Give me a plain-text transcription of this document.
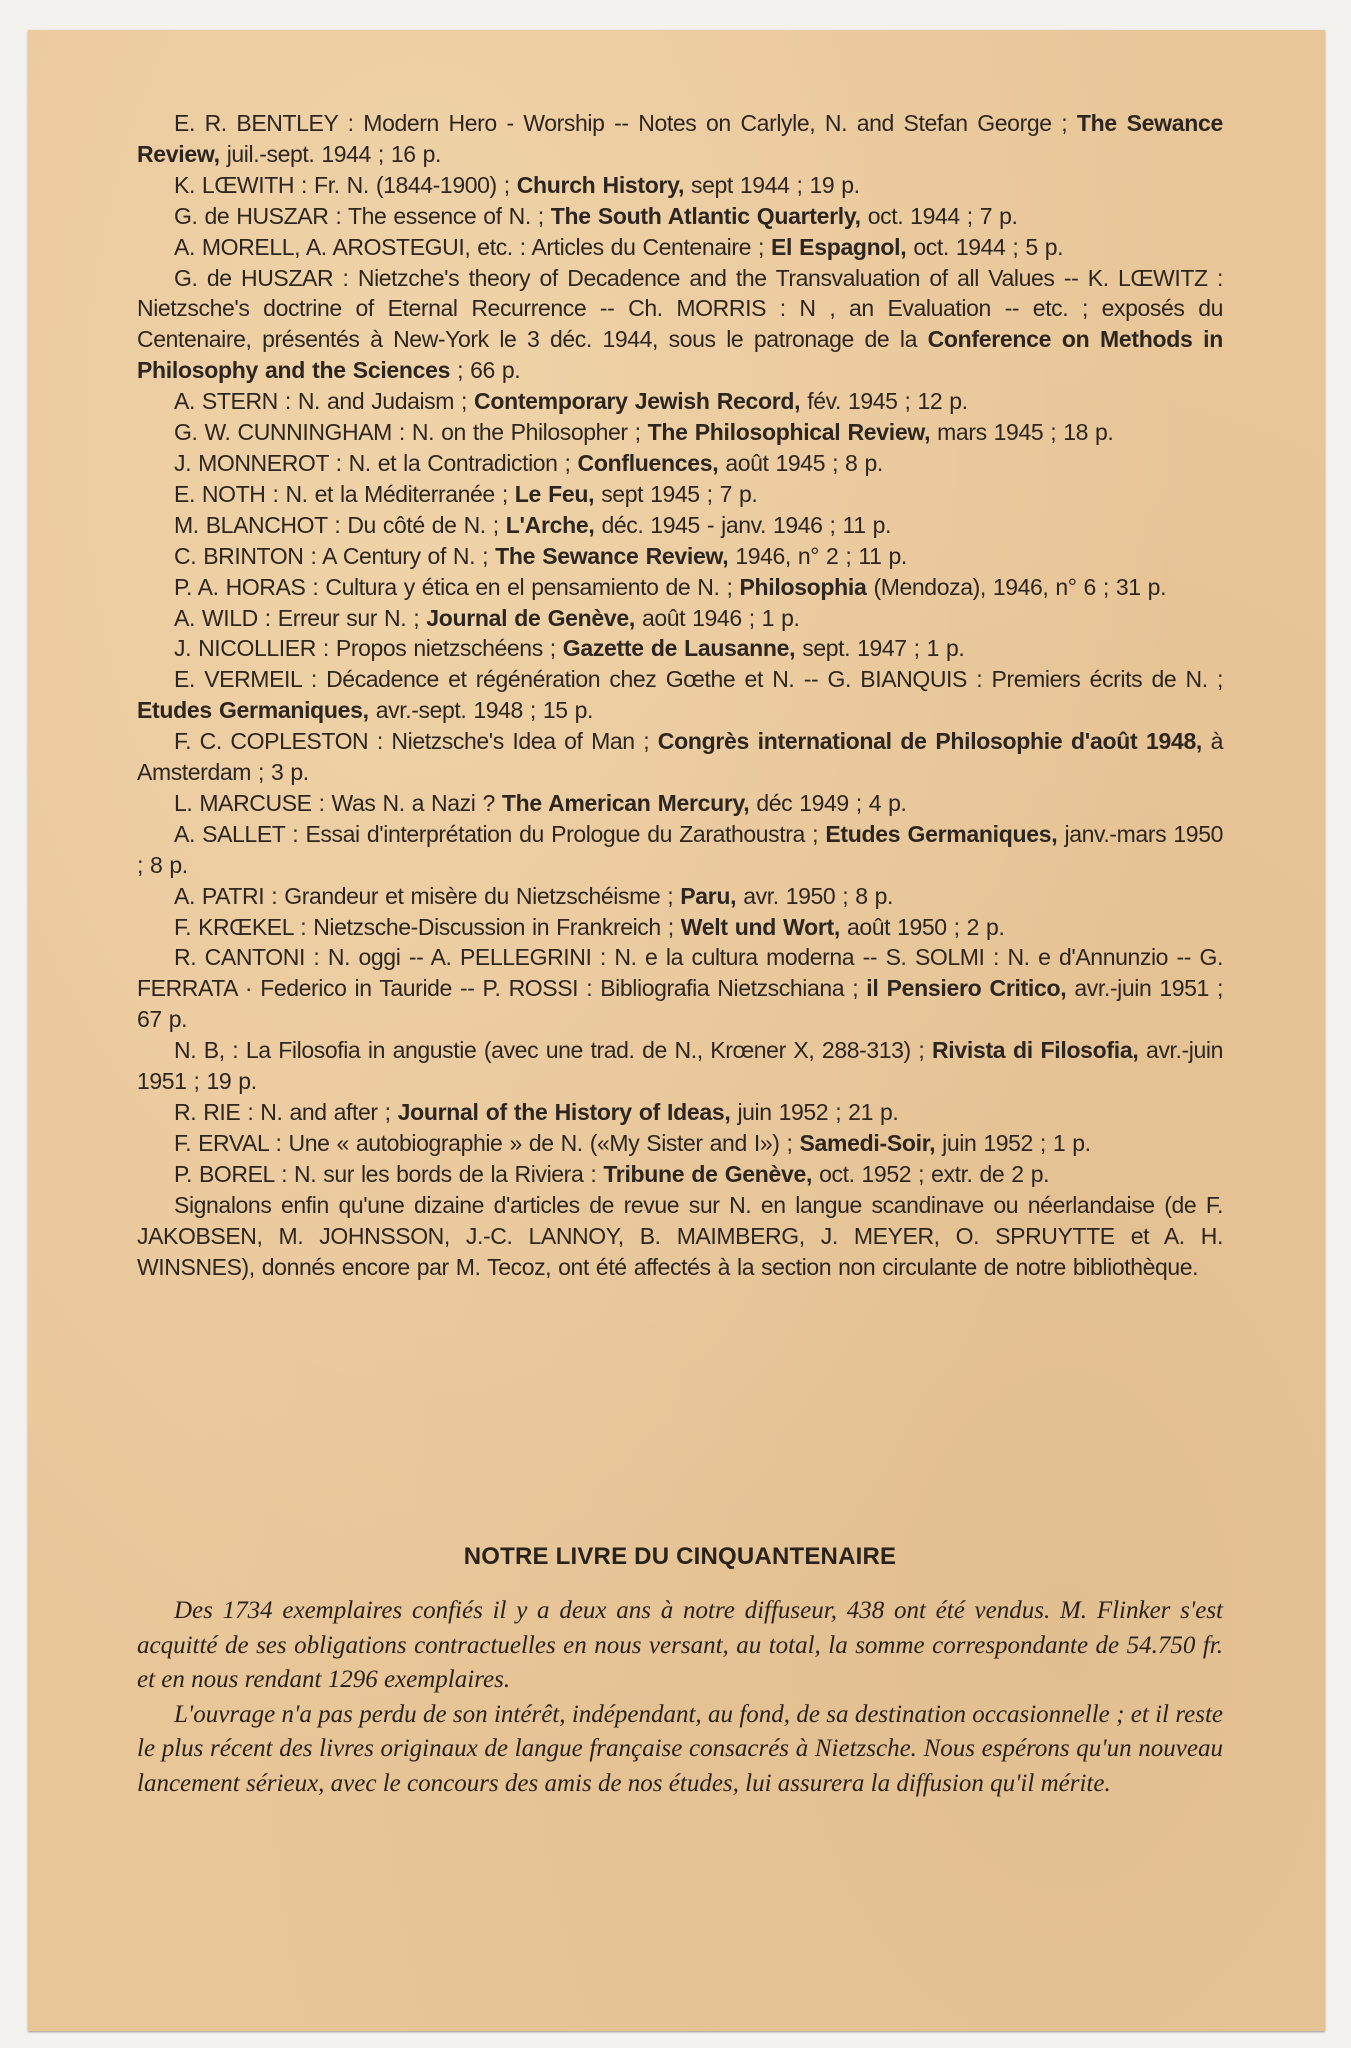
E. R. BENTLEY : Modern Hero - Worship -- Notes on Carlyle, N. and Stefan George ; The Sewance Review, juil.-sept. 1944 ; 16 p.

K. LŒWITH : Fr. N. (1844-1900) ; Church History, sept 1944 ; 19 p.

G. de HUSZAR : The essence of N. ; The South Atlantic Quarterly, oct. 1944 ; 7 p.

A. MORELL, A. AROSTEGUI, etc. : Articles du Centenaire ; El Espagnol, oct. 1944 ; 5 p.

G. de HUSZAR : Nietzche's theory of Decadence and the Transvaluation of all Values -- K. LŒWITZ : Nietzsche's doctrine of Eternal Recurrence -- Ch. MORRIS : N , an Evaluation -- etc. ; exposés du Centenaire, présentés à New-York le 3 déc. 1944, sous le patronage de la Conference on Methods in Philosophy and the Sciences ; 66 p.

A. STERN : N. and Judaism ; Contemporary Jewish Record, fév. 1945 ; 12 p.

G. W. CUNNINGHAM : N. on the Philosopher ; The Philosophical Review, mars 1945 ; 18 p.

J. MONNEROT : N. et la Contradiction ; Confluences, août 1945 ; 8 p.

E. NOTH : N. et la Méditerranée ; Le Feu, sept 1945 ; 7 p.

M. BLANCHOT : Du côté de N. ; L'Arche, déc. 1945 - janv. 1946 ; 11 p.

C. BRINTON : A Century of N. ; The Sewance Review, 1946, n° 2 ; 11 p.

P. A. HORAS : Cultura y ética en el pensamiento de N. ; Philosophia (Mendoza), 1946, n° 6 ; 31 p.

A. WILD : Erreur sur N. ; Journal de Genève, août 1946 ; 1 p.

J. NICOLLIER : Propos nietzschéens ; Gazette de Lausanne, sept. 1947 ; 1 p.

E. VERMEIL : Décadence et régénération chez Gœthe et N. -- G. BIANQUIS : Premiers écrits de N. ; Etudes Germaniques, avr.-sept. 1948 ; 15 p.

F. C. COPLESTON : Nietzsche's Idea of Man ; Congrès international de Philosophie d'août 1948, à Amsterdam ; 3 p.

L. MARCUSE : Was N. a Nazi ? The American Mercury, déc 1949 ; 4 p.

A. SALLET : Essai d'interprétation du Prologue du Zarathoustra ; Etudes Germaniques, janv.-mars 1950 ; 8 p.

A. PATRI : Grandeur et misère du Nietzschéisme ; Paru, avr. 1950 ; 8 p.

F. KRŒKEL : Nietzsche-Discussion in Frankreich ; Welt und Wort, août 1950 ; 2 p.

R. CANTONI : N. oggi -- A. PELLEGRINI : N. e la cultura moderna -- S. SOLMI : N. e d'Annunzio -- G. FERRATA · Federico in Tauride -- P. ROSSI : Bibliografia Nietzschiana ; il Pensiero Critico, avr.-juin 1951 ; 67 p.

N. B, : La Filosofia in angustie (avec une trad. de N., Krœner X, 288-313) ; Rivista di Filosofia, avr.-juin 1951 ; 19 p.

R. RIE : N. and after ; Journal of the History of Ideas, juin 1952 ; 21 p.

F. ERVAL : Une « autobiographie » de N. («My Sister and I») ; Samedi-Soir, juin 1952 ; 1 p.

P. BOREL : N. sur les bords de la Riviera : Tribune de Genève, oct. 1952 ; extr. de 2 p.

Signalons enfin qu'une dizaine d'articles de revue sur N. en langue scandinave ou néerlandaise (de F. JAKOBSEN, M. JOHNSSON, J.-C. LANNOY, B. MAIMBERG, J. MEYER, O. SPRUYTTE et A. H. WINSNES), donnés encore par M. Tecoz, ont été affectés à la section non circulante de notre bibliothèque.

NOTRE LIVRE DU CINQUANTENAIRE

Des 1734 exemplaires confiés il y a deux ans à notre diffuseur, 438 ont été vendus. M. Flinker s'est acquitté de ses obligations contractuelles en nous versant, au total, la somme correspondante de 54.750 fr. et en nous rendant 1296 exemplaires.

L'ouvrage n'a pas perdu de son intérêt, indépendant, au fond, de sa destination occasionnelle ; et il reste le plus récent des livres originaux de langue française consacrés à Nietzsche. Nous espérons qu'un nouveau lancement sérieux, avec le concours des amis de nos études, lui assurera la diffusion qu'il mérite.
